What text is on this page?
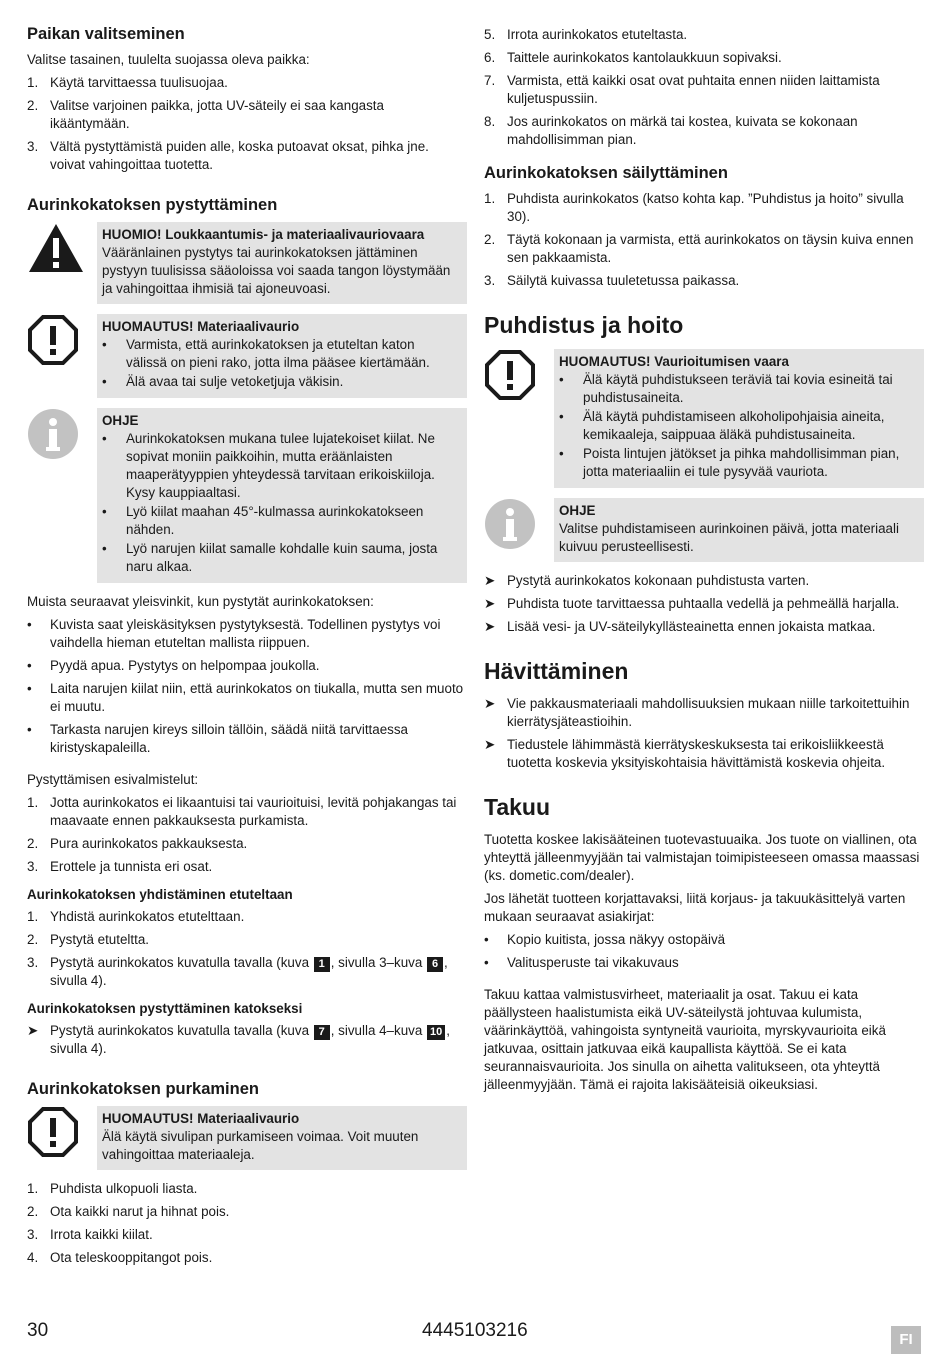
Paikan valitseminen

Valitse tasainen, tuulelta suojassa oleva paikka:

1. Käytä tarvittaessa tuulisuojaa.
2. Valitse varjoinen paikka, jotta UV-säteily ei saa kangasta ikääntymään.
3. Vältä pystyttämistä puiden alle, koska putoavat oksat, pihka jne. voivat vahingoittaa tuotetta.
Aurinkokatoksen pystyttäminen
HUOMIO! Loukkaantumis- ja materiaalivauriovaara
Vääränlainen pystytys tai aurinkokatoksen jättäminen pystyyn tuulisissa sääoloissa voi saada tangon löystymään ja vahingoittaa ihmisiä tai ajoneuvoasi.
HUOMAUTUS! Materiaalivaurio
• Varmista, että aurinkokatoksen ja etuteltan katon välissä on pieni rako, jotta ilma pääsee kiertämään.
• Älä avaa tai sulje vetoketjuja väkisin.
OHJE
• Aurinkokatoksen mukana tulee lujatekoiset kiilat. Ne sopivat moniin paikkoihin, mutta eräänlaisten maaperätyyppien yhteydessä tarvitaan erikoiskiiloja. Kysy kauppiaaltasi.
• Lyö kiilat maahan 45°-kulmassa aurinkokatokseen nähden.
• Lyö narujen kiilat samalle kohdalle kuin sauma, josta naru alkaa.

Muista seuraavat yleisvinkit, kun pystytät aurinkokatoksen:

• Kuvista saat yleiskäsityksen pystytyksestä. Todellinen pystytys voi vaihdella hieman etuteltan mallista riippuen.
• Pyydä apua. Pystytys on helpompaa joukolla.
• Laita narujen kiilat niin, että aurinkokatos on tiukalla, mutta sen muoto ei muutu.
• Tarkasta narujen kireys silloin tällöin, säädä niitä tarvittaessa kiristyskapaleilla.

Pystyttämisen esivalmistelut:

1. Jotta aurinkokatos ei likaantuisi tai vaurioituisi, levitä pohjakangas tai maavaate ennen pakkauksesta purkamista.
2. Pura aurinkokatos pakkauksesta.
3. Erottele ja tunnista eri osat.
Aurinkokatoksen yhdistäminen etuteltaan
1. Yhdistä aurinkokatos etutelttaan.
2. Pystytä etuteltta.
3. Pystytä aurinkokatos kuvatulla tavalla (kuva 1 , sivulla 3–kuva 6 , sivulla 4).
Aurinkokatoksen pystyttäminen katokseksi
➤ Pystytä aurinkokatos kuvatulla tavalla (kuva 7 , sivulla 4–kuva 10 , sivulla 4).
Aurinkokatoksen purkaminen
HUOMAUTUS! Materiaalivaurio
Älä käytä sivulipan purkamiseen voimaa. Voit muuten vahingoittaa materiaaleja.
1. Puhdista ulkopuoli liasta.
2. Ota kaikki narut ja hihnat pois.
3. Irrota kaikki kiilat.
4. Ota teleskooppitangot pois.
5. Irrota aurinkokatos etuteltasta.
6. Taittele aurinkokatos kantolaukkuun sopivaksi.
7. Varmista, että kaikki osat ovat puhtaita ennen niiden laittamista kuljetuspussiin.
8. Jos aurinkokatos on märkä tai kostea, kuivata se kokonaan mahdollisimman pian.
Aurinkokatoksen säilyttäminen
1. Puhdista aurinkokatos (katso kohta kap. ”Puhdistus ja hoito” sivulla 30).
2. Täytä kokonaan ja varmista, että aurinkokatos on täysin kuiva ennen sen pakkaamista.
3. Säilytä kuivassa tuuletetussa paikassa.
Puhdistus ja hoito
HUOMAUTUS! Vaurioitumisen vaara
• Älä käytä puhdistukseen teräviä tai kovia esineitä tai puhdistusaineita.
• Älä käytä puhdistamiseen alkoholipohjaisia aineita, kemikaaleja, saippuaa äläkä puhdistusaineita.
• Poista lintujen jätökset ja pihka mahdollisimman pian, jotta materiaaliin ei tule pysyvää vauriota.
OHJE
Valitse puhdistamiseen aurinkoinen päivä, jotta materiaali kuivuu perusteellisesti.
➤ Pystytä aurinkokatos kokonaan puhdistusta varten.
➤ Puhdista tuote tarvittaessa puhtaalla vedellä ja pehmeällä harjalla.
➤ Lisää vesi- ja UV-säteilykyllästeainetta ennen jokaista matkaa.
Hävittäminen
➤ Vie pakkausmateriaali mahdollisuuksien mukaan niille tarkoitettuihin kierrätysjäteastioihin.
➤ Tiedustele lähimmästä kierrätyskeskuksesta tai erikoisliikkeestä tuotetta koskevia yksityiskohtaisia hävittämistä koskevia ohjeita.
Takuu

Tuotetta koskee lakisääteinen tuotevastuuaika. Jos tuote on viallinen, ota yhteyttä jälleenmyyjään tai valmistajan toimipisteeseen omassa maassasi (ks. dometic.com/dealer).

Jos lähetät tuotteen korjattavaksi, liitä korjaus- ja takuukäsittelyä varten mukaan seuraavat asiakirjat:

• Kopio kuitista, jossa näkyy ostopäivä
• Valitusperuste tai vikakuvaus

Takuu kattaa valmistusvirheet, materiaalit ja osat. Takuu ei kata päällysteen haalistumista eikä UV-säteilystä johtuvaa kulumista, väärinkäyttöä, vahingoista syntyneitä vaurioita, myrskyvaurioita eikä jatkuvaa, osittain jatkuvaa eikä kaupallista käyttöä. Se ei kata seurannaisvaurioita. Jos sinulla on aihetta valitukseen, ota yhteyttä jälleenmyyjään. Tämä ei rajoita lakisääteisiä oikeuksiasi.

30	4445103216	FI
